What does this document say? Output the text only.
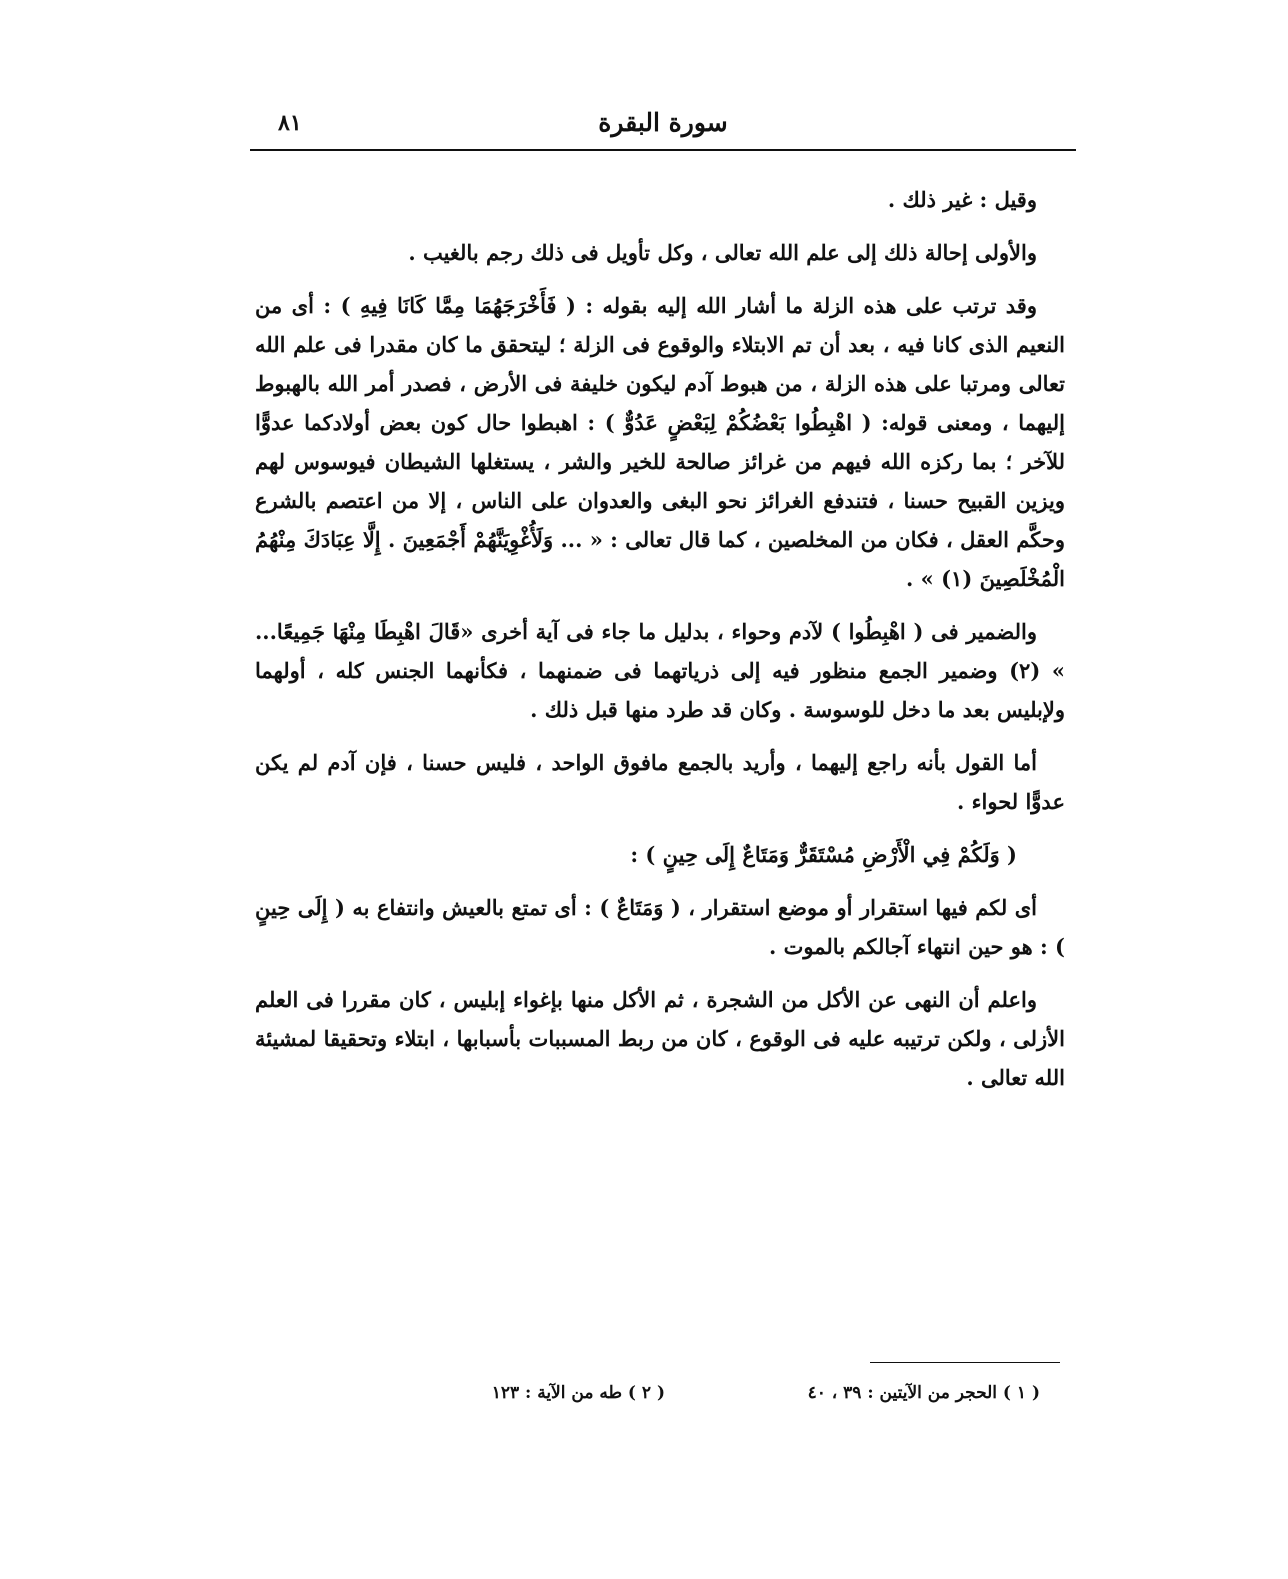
سورة البقرة
٨١

وقيل : غير ذلك .

والأولى إحالة ذلك إلى علم الله تعالى ، وكل تأويل فى ذلك رجم بالغيب .

وقد ترتب على هذه الزلة ما أشار الله إليه بقوله : ( فَأَخْرَجَهُمَا مِمَّا كَانَا فِيهِ ) : أى من النعيم الذى كانا فيه ، بعد أن تم الابتلاء والوقوع فى الزلة ؛ ليتحقق ما كان مقدرا فى علم الله تعالى ومرتبا على هذه الزلة ، من هبوط آدم ليكون خليفة فى الأرض ، فصدر أمر الله بالهبوط إليهما ، ومعنى قوله: ( اهْبِطُوا بَعْضُكُمْ لِبَعْضٍ عَدُوٌّ ) : اهبطوا حال كون بعض أولادكما عدوًّا للآخر ؛ بما ركزه الله فيهم من غرائز صالحة للخير والشر ، يستغلها الشيطان فيوسوس لهم ويزين القبيح حسنا ، فتندفع الغرائز نحو البغى والعدوان على الناس ، إلا من اعتصم بالشرع وحكَّم العقل ، فكان من المخلصين ، كما قال تعالى : « ... وَلَأُغْوِيَنَّهُمْ أَجْمَعِينَ . إِلَّا عِبَادَكَ مِنْهُمُ الْمُخْلَصِينَ (١) » .

والضمير فى ( اهْبِطُوا ) لآدم وحواء ، بدليل ما جاء فى آية أخرى «قَالَ اهْبِطَا مِنْهَا جَمِيعًا... » (٢) وضمير الجمع منظور فيه إلى ذرياتهما فى ضمنهما ، فكأنهما الجنس كله ، أولهما ولإبليس بعد ما دخل للوسوسة . وكان قد طرد منها قبل ذلك .

أما القول بأنه راجع إليهما ، وأريد بالجمع مافوق الواحد ، فليس حسنا ، فإن آدم لم يكن عدوًّا لحواء .

( وَلَكُمْ فِي الْأَرْضِ مُسْتَقَرٌّ وَمَتَاعٌ إِلَى حِينٍ ) :

أى لكم فيها استقرار أو موضع استقرار ، ( وَمَتَاعٌ ) : أى تمتع بالعيش وانتفاع به ( إِلَى حِينٍ ) : هو حين انتهاء آجالكم بالموت .

واعلم أن النهى عن الأكل من الشجرة ، ثم الأكل منها بإغواء إبليس ، كان مقررا فى العلم الأزلى ، ولكن ترتيبه عليه فى الوقوع ، كان من ربط المسببات بأسبابها ، ابتلاء وتحقيقا لمشيئة الله تعالى .

( ١ ) الحجر من الآيتين : ٣٩ ، ٤٠
( ٢ ) طه من الآية : ١٢٣
